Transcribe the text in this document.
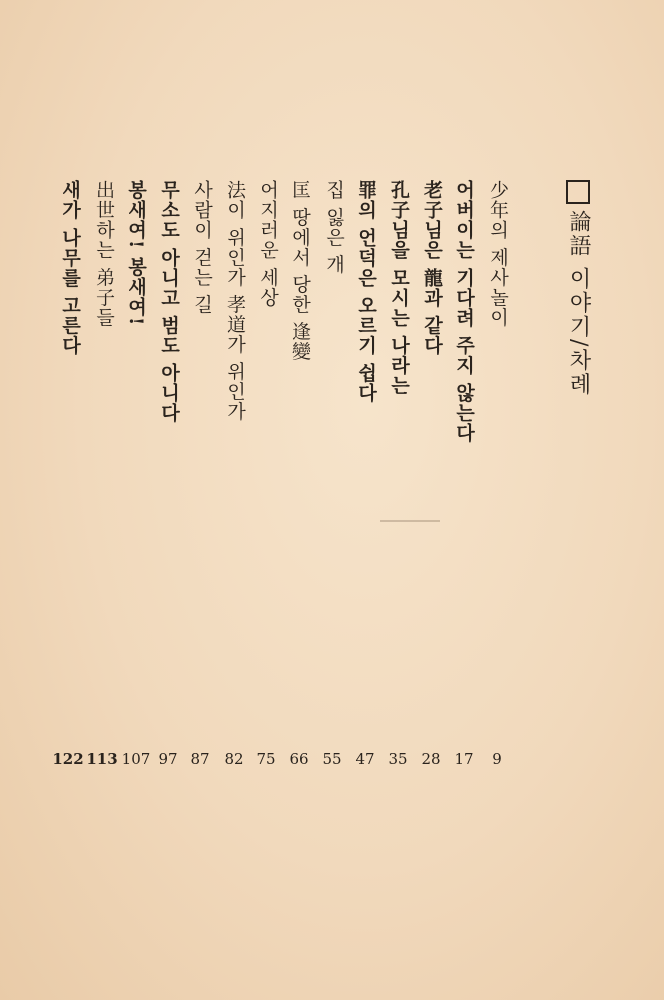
論語 이야기/차례
少年의 제사놀이
어버이는 기다려 주지 않는다
老子님은 龍과 같다
孔子님을 모시는 나라는
罪의 언덕은 오르기 쉽다
집 잃은 개
匡 땅에서 당한 逢變
어지러운 세상
法이 위인가 孝道가 위인가
사람이 걷는 길
무소도 아니고 범도 아니다
봉새여! 봉새여!
出世하는 弟子들
새가 나무를 고른다
9
17
28
35
47
55
66
75
82
87
97
107
113
122
